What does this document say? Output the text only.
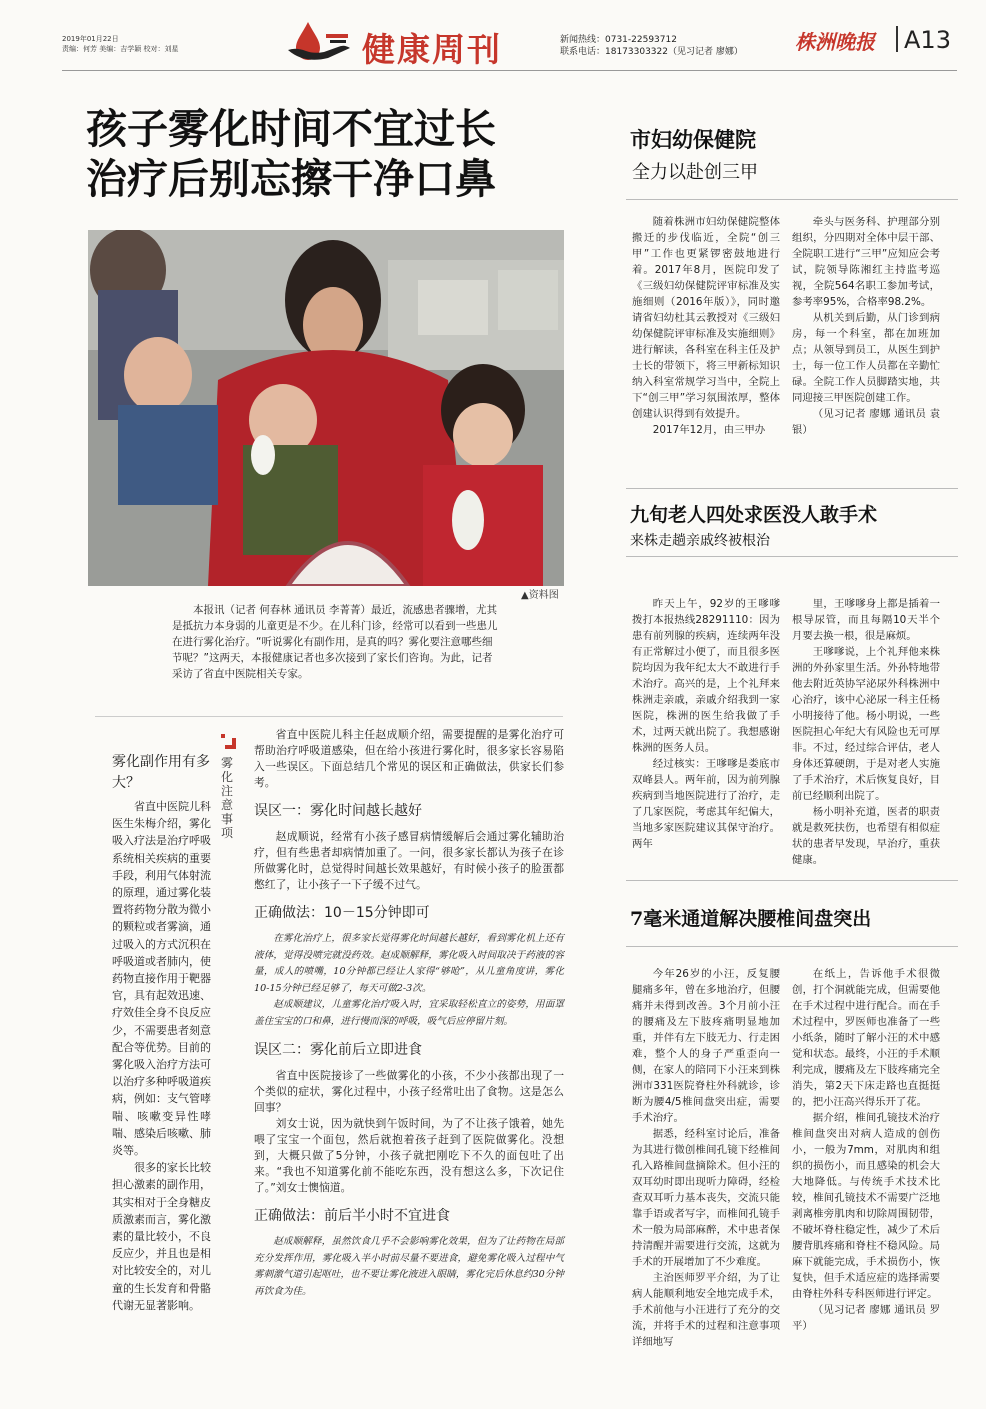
2019年01月22日
责编：何芳 美编：吉学颖 校对：刘星	健康周刊	新闻热线：0731-22593712
联系电话：18173303322（见习记者 廖娜）	株洲晚报 A13
孩子雾化时间不宜过长
治疗后别忘擦干净口鼻
▲资料图

本报讯（记者 何春林 通讯员 李菁菁）最近，流感患者骤增，尤其是抵抗力本身弱的儿童更是不少。在儿科门诊，经常可以看到一些患儿在进行雾化治疗。“听说雾化有副作用，是真的吗？雾化要注意哪些细节呢？”这两天，本报健康记者也多次接到了家长们咨询。为此，记者采访了省直中医院相关专家。

雾化副作用有多大？

省直中医院儿科医生朱梅介绍，雾化吸入疗法是治疗呼吸系统相关疾病的重要手段，利用气体射流的原理，通过雾化装置将药物分散为微小的颗粒或者雾滴，通过吸入的方式沉积在呼吸道或者肺内，使药物直接作用于靶器官，具有起效迅速、疗效佳全身不良反应少，不需要患者刻意配合等优势。目前的雾化吸入治疗方法可以治疗多种呼吸道疾病，例如：支气管哮喘、咳嗽变异性哮喘、感染后咳嗽、肺炎等。

很多的家长比较担心激素的副作用，其实相对于全身糖皮质激素而言，雾化激素的量比较小，不良反应少，并且也是相对比较安全的，对儿童的生长发育和骨骼代谢无显著影响。

雾化注意事项

省直中医院儿科主任赵成顺介绍，需要提醒的是雾化治疗可帮助治疗呼吸道感染，但在给小孩进行雾化时，很多家长容易陷入一些误区。下面总结几个常见的误区和正确做法，供家长们参考。

误区一：雾化时间越长越好

赵成顺说，经常有小孩子感冒病情缓解后会通过雾化辅助治疗，但有些患者却病情加重了。一问，很多家长都认为孩子在诊所做雾化时，总觉得时间越长效果越好，有时候小孩子的脸蛋都憋红了，让小孩子一下子缓不过气。

正确做法：10－15分钟即可

在雾化治疗上，很多家长觉得雾化时间越长越好，看到雾化机上还有液体，觉得没喷完就没药效。赵成顺解释，雾化吸入时间取决于药液的容量，成人的喷嘴，10分钟都已经让人家得“够呛”，从儿童角度讲，雾化10-15分钟已经足够了，每天可做2-3次。

赵成顺建议，儿童雾化治疗吸入时，宜采取轻松直立的姿势，用面罩盖住宝宝的口和鼻，进行慢而深的呼吸，吸气后应停留片刻。

误区二：雾化前后立即进食

省直中医院接诊了一些做雾化的小孩，不少小孩都出现了一个类似的症状，雾化过程中，小孩子经常吐出了食物。这是怎么回事？

刘女士说，因为就快到午饭时间，为了不让孩子饿着，她先喂了宝宝一个面包，然后就抱着孩子赶到了医院做雾化。没想到，大概只做了5分钟，小孩子就把刚吃下不久的面包吐了出来。“我也不知道雾化前不能吃东西，没有想这么多，下次记住了。”刘女士懊恼道。

正确做法：前后半小时不宜进食

赵成顺解释，虽然饮食几乎不会影响雾化效果，但为了让药物在局部充分发挥作用，雾化吸入半小时前尽量不要进食，避免雾化吸入过程中气雾刺激气道引起呕吐，也不要让雾化液进入眼睛，雾化完后休息约30分钟再饮食为佳。

市妇幼保健院
全力以赴创三甲

随着株洲市妇幼保健院整体搬迁的步伐临近，全院“创三甲”工作也更紧锣密鼓地进行着。2017年8月，医院印发了《三级妇幼保健院评审标准及实施细则（2016年版）》，同时邀请省妇幼杜其云教授对《三级妇幼保健院评审标准及实施细则》进行解读，各科室在科主任及护士长的带领下，将三甲新标知识纳入科室常规学习当中，全院上下“创三甲”学习氛围浓厚，整体创建认识得到有效提升。

2017年12月，由三甲办

牵头与医务科、护理部分别组织，分四期对全体中层干部、全院职工进行“三甲”应知应会考试，院领导陈湘红主持监考巡视，全院564名职工参加考试，参考率95%，合格率98.2%。

从机关到后勤，从门诊到病房，每一个科室，都在加班加点；从领导到员工，从医生到护士，每一位工作人员都在辛勤忙碌。全院工作人员脚踏实地，共同迎接三甲医院创建工作。

（见习记者 廖娜 通讯员 袁银）

九旬老人四处求医没人敢手术
来株走趟亲戚终被根治

昨天上午，92岁的王嗲嗲拨打本报热线28291110：因为患有前列腺的疾病，连续两年没有正常解过小便了，而且很多医院均因为我年纪太大不敢进行手术治疗。高兴的是，上个礼拜来株洲走亲戚，亲戚介绍我到一家医院，株洲的医生给我做了手术，过两天就出院了。我想感谢株洲的医务人员。

经过核实：王嗲嗲是娄底市双峰县人。两年前，因为前列腺疾病到当地医院进行了治疗，走了几家医院，考虑其年纪偏大，当地多家医院建议其保守治疗。两年

里，王嗲嗲身上都是插着一根导尿管，而且每隔10天半个月要去换一根，很是麻烦。

王嗲嗲说，上个礼拜他来株洲的外孙家里生活。外孙特地带他去附近英协罕泌尿外科株洲中心治疗，该中心泌尿一科主任杨小明接待了他。杨小明说，一些医院担心年纪大有风险也无可厚非。不过，经过综合评估，老人身体还算硬朗，于是对老人实施了手术治疗，术后恢复良好，目前已经顺利出院了。

杨小明补充道，医者的职责就是救死扶伤，也希望有相似症状的患者早发现，早治疗，重获健康。

7毫米通道解决腰椎间盘突出

今年26岁的小汪，反复腰腿痛多年，曾在多地治疗，但腰痛并未得到改善。3个月前小汪的腰痛及左下肢疼痛明显地加重，并伴有左下肢无力、行走困难，整个人的身子严重歪向一侧，在家人的陪同下小汪来到株洲市331医院脊柱外科就诊，诊断为腰4/5椎间盘突出症，需要手术治疗。

据悉，经科室讨论后，准备为其进行微创椎间孔镜下经椎间孔入路椎间盘摘除术。但小汪的双耳幼时即出现听力障碍，经检查双耳听力基本丧失，交流只能靠手语或者写字，而椎间孔镜手术一般为局部麻醉，术中患者保持清醒并需要进行交流，这就为手术的开展增加了不少难度。

主治医师罗平介绍，为了让病人能顺利地安全地完成手术，手术前他与小汪进行了充分的交流，并将手术的过程和注意事项详细地写

在纸上，告诉他手术很微创，打个洞就能完成，但需要他在手术过程中进行配合。而在手术过程中，罗医师也准备了一些小纸条，随时了解小汪的术中感觉和状态。最终，小汪的手术顺利完成，腰痛及左下肢疼痛完全消失，第2天下床走路也直挺挺的，把小汪高兴得乐开了花。

据介绍，椎间孔镜技术治疗椎间盘突出对病人造成的创伤小，一般为7mm，对肌肉和组织的损伤小，而且感染的机会大大地降低。与传统手术技术比较，椎间孔镜技术不需要广泛地剥离椎旁肌肉和切除周围韧带，不破坏脊柱稳定性，减少了术后腰背肌疼痛和脊柱不稳风险。局麻下就能完成，手术损伤小，恢复快，但手术适应症的选择需要由脊柱外科专科医师进行评定。

（见习记者 廖娜 通讯员 罗平）
